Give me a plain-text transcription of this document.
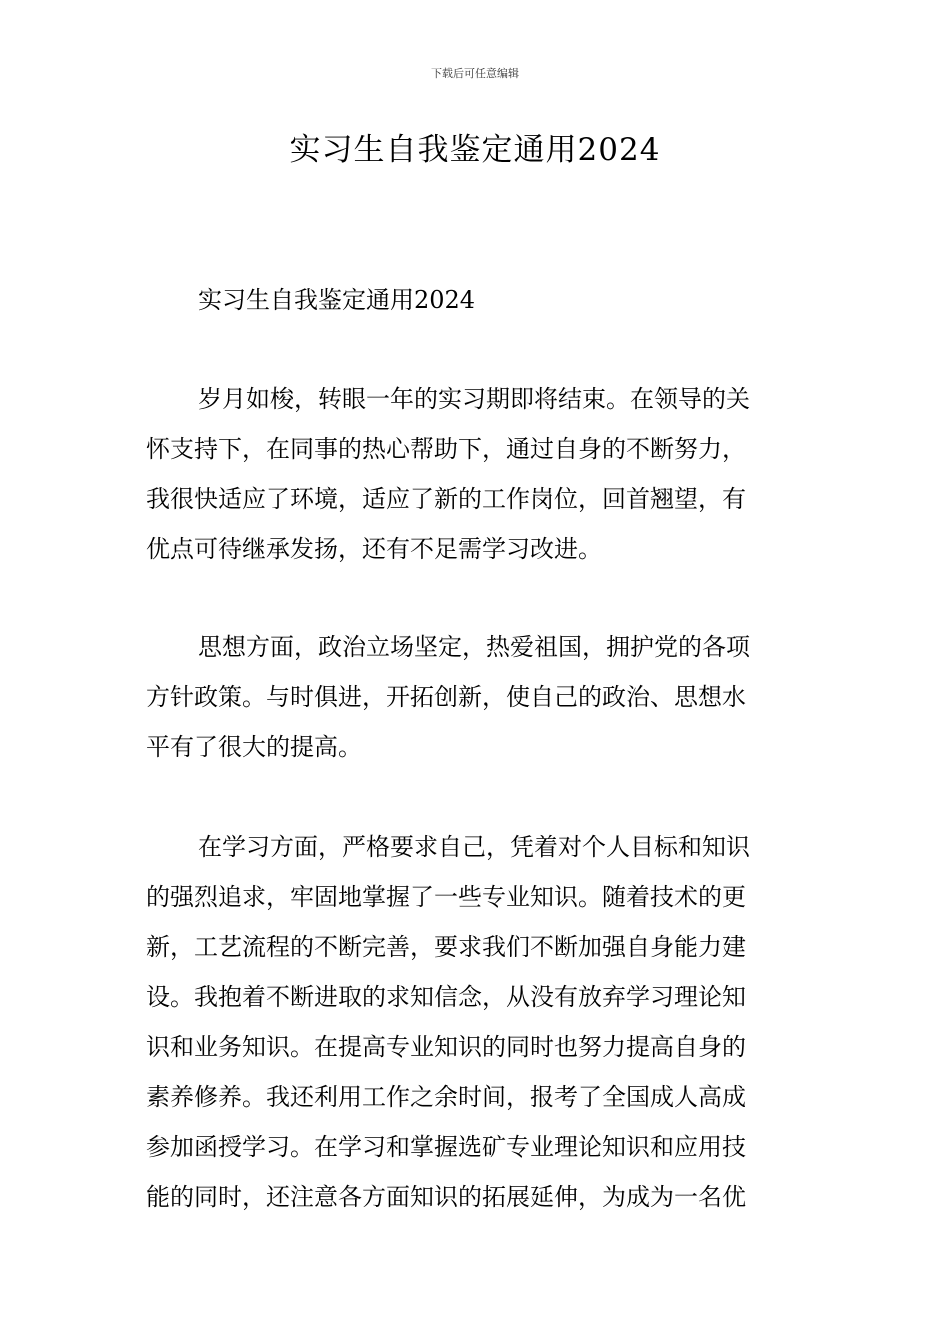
下载后可任意编辑
实习生自我鉴定通用2024
实习生自我鉴定通用2024
岁月如梭，转眼一年的实习期即将结束。在领导的关
怀支持下，在同事的热心帮助下，通过自身的不断努力，
我很快适应了环境，适应了新的工作岗位，回首翘望，有
优点可待继承发扬，还有不足需学习改进。
思想方面，政治立场坚定，热爱祖国，拥护党的各项
方针政策。与时俱进，开拓创新，使自己的政治、思想水
平有了很大的提高。
在学习方面，严格要求自己，凭着对个人目标和知识
的强烈追求，牢固地掌握了一些专业知识。随着技术的更
新，工艺流程的不断完善，要求我们不断加强自身能力建
设。我抱着不断进取的求知信念，从没有放弃学习理论知
识和业务知识。在提高专业知识的同时也努力提高自身的
素养修养。我还利用工作之余时间，报考了全国成人高成
参加函授学习。在学习和掌握选矿专业理论知识和应用技
能的同时，还注意各方面知识的拓展延伸，为成为一名优
